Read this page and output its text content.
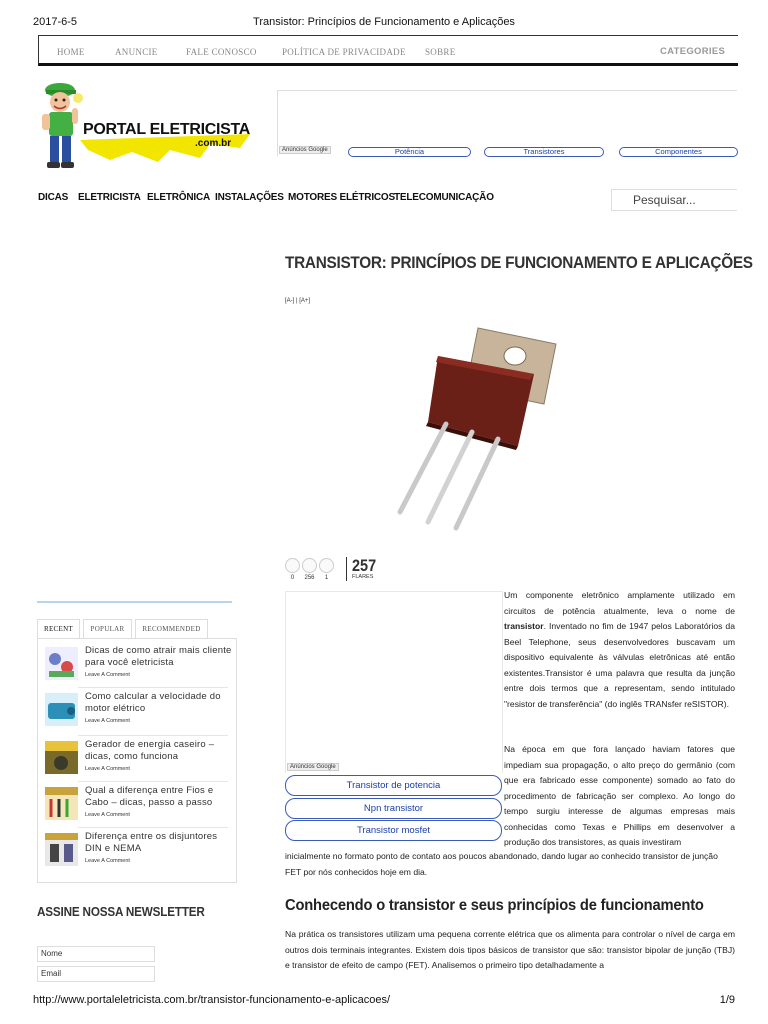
2017-6-5	Transistor: Princípios de Funcionamento e Aplicações
HOME	ANUNCIE	FALE CONOSCO	POLÍTICA DE PRIVACIDADE SOBRE	CATEGORIES
PORTAL ELETRICISTA
.com.br
Anúncios Google	Potência	Transistores	Componentes
DICAS ELETRICISTA ELETRÔNICA INSTALAÇÕES MOTORES ELÉTRICOS TELECOMUNICAÇÃO	Pesquisar...
TRANSISTOR: PRINCÍPIOS DE FUNCIONAMENTO E APLICAÇÕES
[A-] | [A+]
0	256	1
257
FLARES
RECENT	POPULAR	RECOMMENDED
Dicas de como atrair mais cliente para você eletricista
Leave A Comment
Como calcular a velocidade do motor elétrico
Leave A Comment
Gerador de energia caseiro – dicas, como funciona
Leave A Comment
Qual a diferença entre Fios e Cabo – dicas, passo a passo
Leave A Comment
Diferença entre os disjuntores DIN e NEMA
Leave A Comment
ASSINE NOSSA NEWSLETTER
Nome
Email
Anúncios Google
Transistor de potencia
Npn transistor
Transistor mosfet
Um componente eletrônico amplamente utilizado em circuitos de potência atualmente, leva o nome de transistor. Inventado no fim de 1947 pelos Laboratórios da Beel Telephone, seus desenvolvedores buscavam um dispositivo equivalente às válvulas eletrônicas até então existentes.Transistor é uma palavra que resulta da junção entre dois termos que a representam, sendo intitulado "resistor de transferência" (do inglês TRANsfer reSISTOR).
Na época em que fora lançado haviam fatores que impediam sua propagação, o alto preço do germânio (com que era fabricado esse componente) somado ao fato do procedimento de fabricação ser complexo. Ao longo do tempo surgiu interesse de algumas empresas mais conhecidas como Texas e Phillips em desenvolver a produção dos transistores, as quais investiram
inicialmente no formato ponto de contato aos poucos abandonado, dando lugar ao conhecido transistor de junção FET por nós conhecidos hoje em dia.
Conhecendo o transistor e seus princípios de funcionamento
Na prática os transistores utilizam uma pequena corrente elétrica que os alimenta para controlar o nível de carga em outros dois terminais integrantes. Existem dois tipos básicos de transistor que são: transistor bipolar de junção (TBJ) e transistor de efeito de campo (FET). Analisemos o primeiro tipo detalhadamente a
http://www.portaleletricista.com.br/transistor-funcionamento-e-aplicacoes/	1/9
